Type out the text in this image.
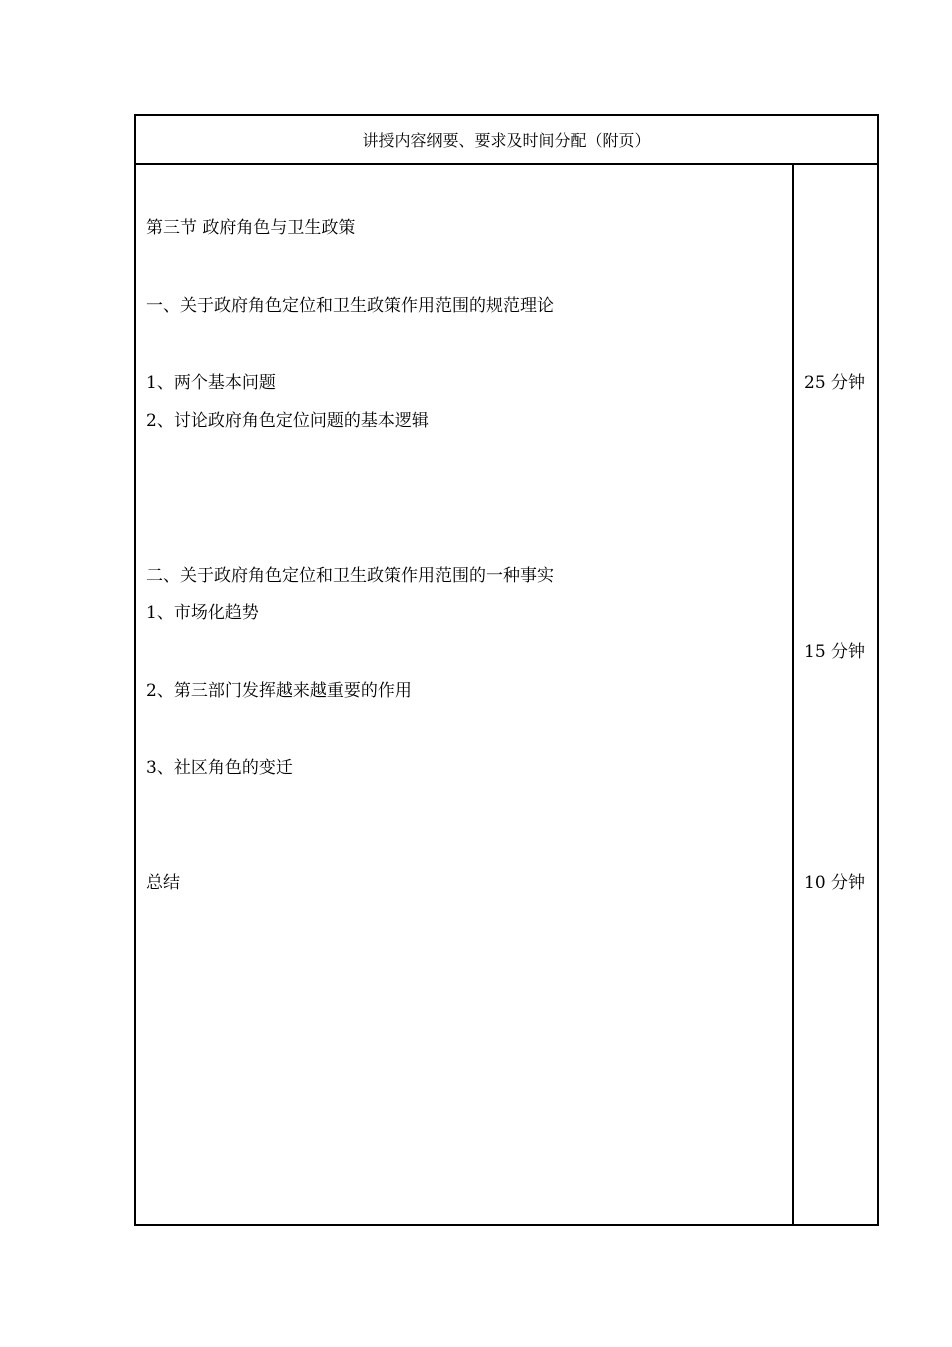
讲授内容纲要、要求及时间分配（附页）
第三节 政府角色与卫生政策
一、关于政府角色定位和卫生政策作用范围的规范理论
1、两个基本问题
2、讨论政府角色定位问题的基本逻辑
二、关于政府角色定位和卫生政策作用范围的一种事实
1、市场化趋势
2、第三部门发挥越来越重要的作用
3、社区角色的变迁
总结
25 分钟
15 分钟
10 分钟
